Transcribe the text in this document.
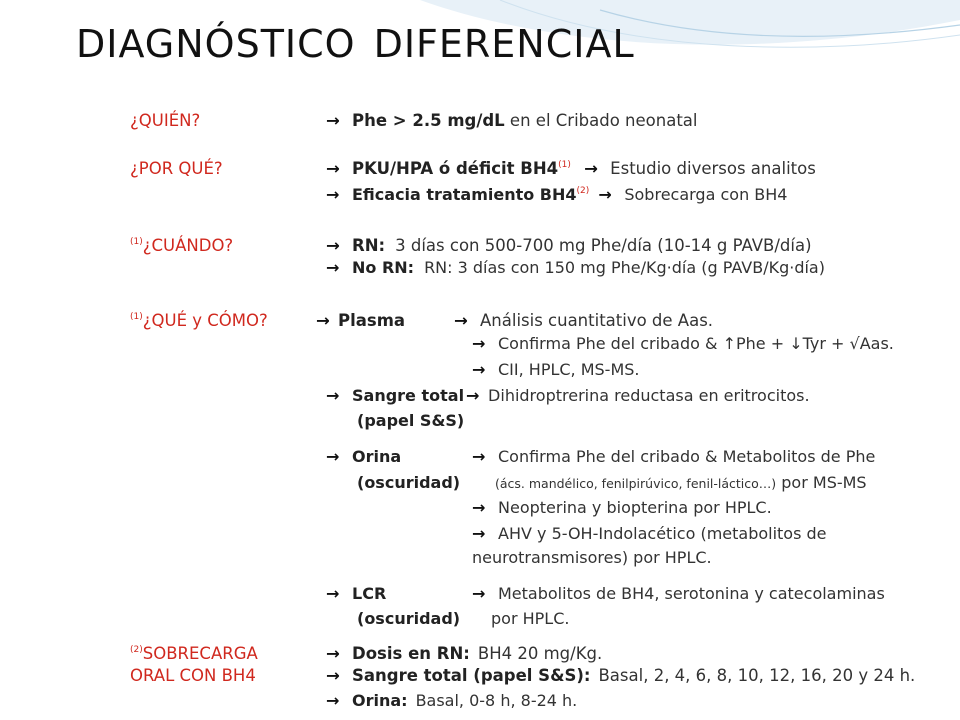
DIAGNÓSTICO DIFERENCIAL
¿QUIÉN?	→ Phe > 2.5 mg/dL en el Cribado neonatal
¿POR QUÉ?	→ PKU/HPA ó déficit $BH4^{(1)}$ → Estudio diversos analitos
→ Eficacia tratamiento $BH4^{(2)}$ → Sobrecarga con BH4
$^{(1)}$¿CUÁNDO?	→ RN: 3 días con 500-700 mg Phe/día (10-14 g PAVB/día)
→ No RN: RN: 3 días con 150 mg Phe/Kg·día (g PAVB/Kg·día)
$^{(1)}$¿QUÉ y CÓMO?	→ Plasma	→ Análisis cuantitativo de Aas.
→ Confirma Phe del cribado & ↑Phe + ↓Tyr + √Aas.
→ CII, HPLC, MS-MS.
→ Sangre total → Dihidroptrerina reductasa en eritrocitos.
(papel S&S)
→ Orina	→ Confirma Phe del cribado & Metabolitos de Phe
(oscuridad)	(ács. mandélico, fenilpirúvico, fenil-láctico…) por MS-MS
→ Neopterina y biopterina por HPLC.
→ AHV y 5-OH-Indolacético (metabolitos de
neurotransmisores) por HPLC.
→ LCR	→ Metabolitos de BH4, serotonina y catecolaminas
(oscuridad) por HPLC.
$^{(2)}$SOBRECARGA	→ Dosis en RN: BH4 20 mg/Kg.
ORAL CON BH4	→ Sangre total (papel S&S): Basal, 2, 4, 6, 8, 10, 12, 16, 20 y 24 h.
→ Orina: Basal, 0-8 h, 8-24 h.
